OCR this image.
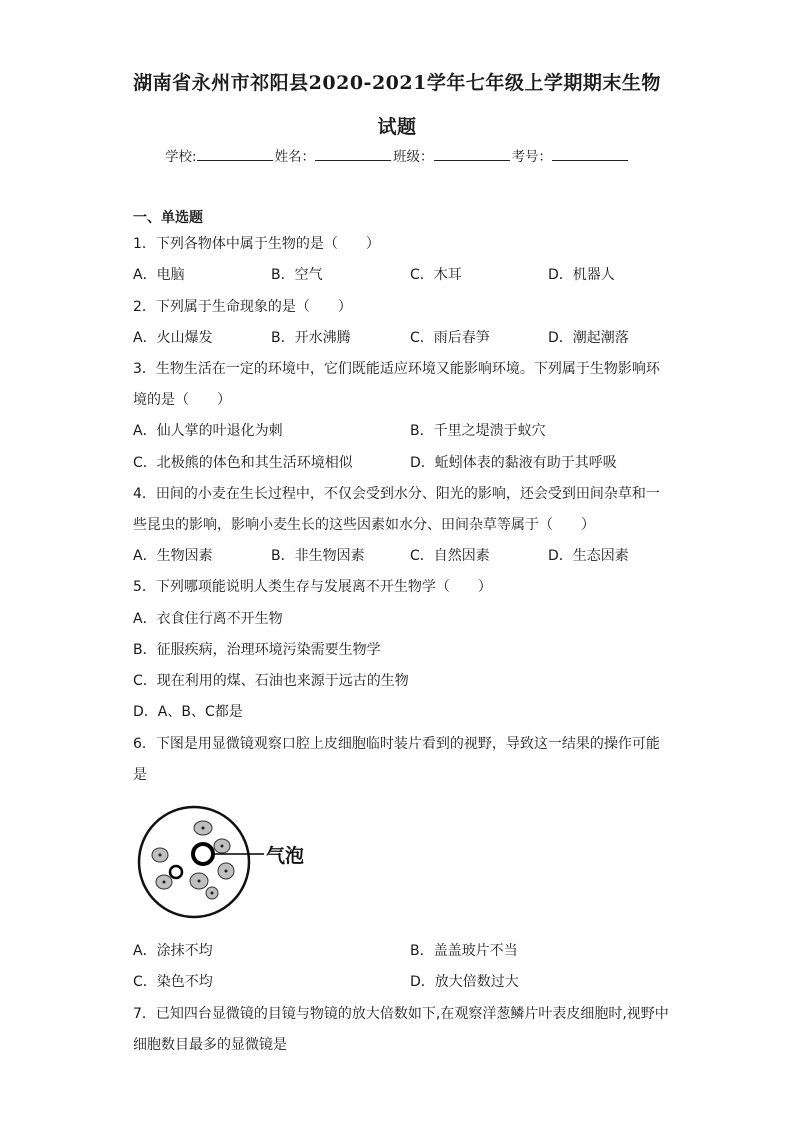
湖南省永州市祁阳县2020-2021学年七年级上学期期末生物
试题
学校:	姓名：	班级：	考号：
一、单选题
1．下列各物体中属于生物的是（　　）
A．电脑	B．空气	C．木耳	D．机器人
2．下列属于生命现象的是（　　）
A．火山爆发	B．开水沸腾	C．雨后春笋	D．潮起潮落
3．生物生活在一定的环境中，它们既能适应环境又能影响环境。下列属于生物影响环
境的是（　　）
A．仙人掌的叶退化为刺	B．千里之堤溃于蚁穴
C．北极熊的体色和其生活环境相似	D．蚯蚓体表的黏液有助于其呼吸
4．田间的小麦在生长过程中，不仅会受到水分、阳光的影响，还会受到田间杂草和一
些昆虫的影响，影响小麦生长的这些因素如水分、田间杂草等属于（　　）
A．生物因素	B．非生物因素	C．自然因素	D．生态因素
5．下列哪项能说明人类生存与发展离不开生物学（　　）
A．衣食住行离不开生物
B．征服疾病，治理环境污染需要生物学
C．现在利用的煤、石油也来源于远古的生物
D．A、B、C都是
6．下图是用显微镜观察口腔上皮细胞临时装片看到的视野，导致这一结果的操作可能
是
气泡
A．涂抹不均	B．盖盖玻片不当
C．染色不均	D．放大倍数过大
7．已知四台显微镜的目镜与物镜的放大倍数如下,在观察洋葱鳞片叶表皮细胞时,视野中
细胞数目最多的显微镜是
